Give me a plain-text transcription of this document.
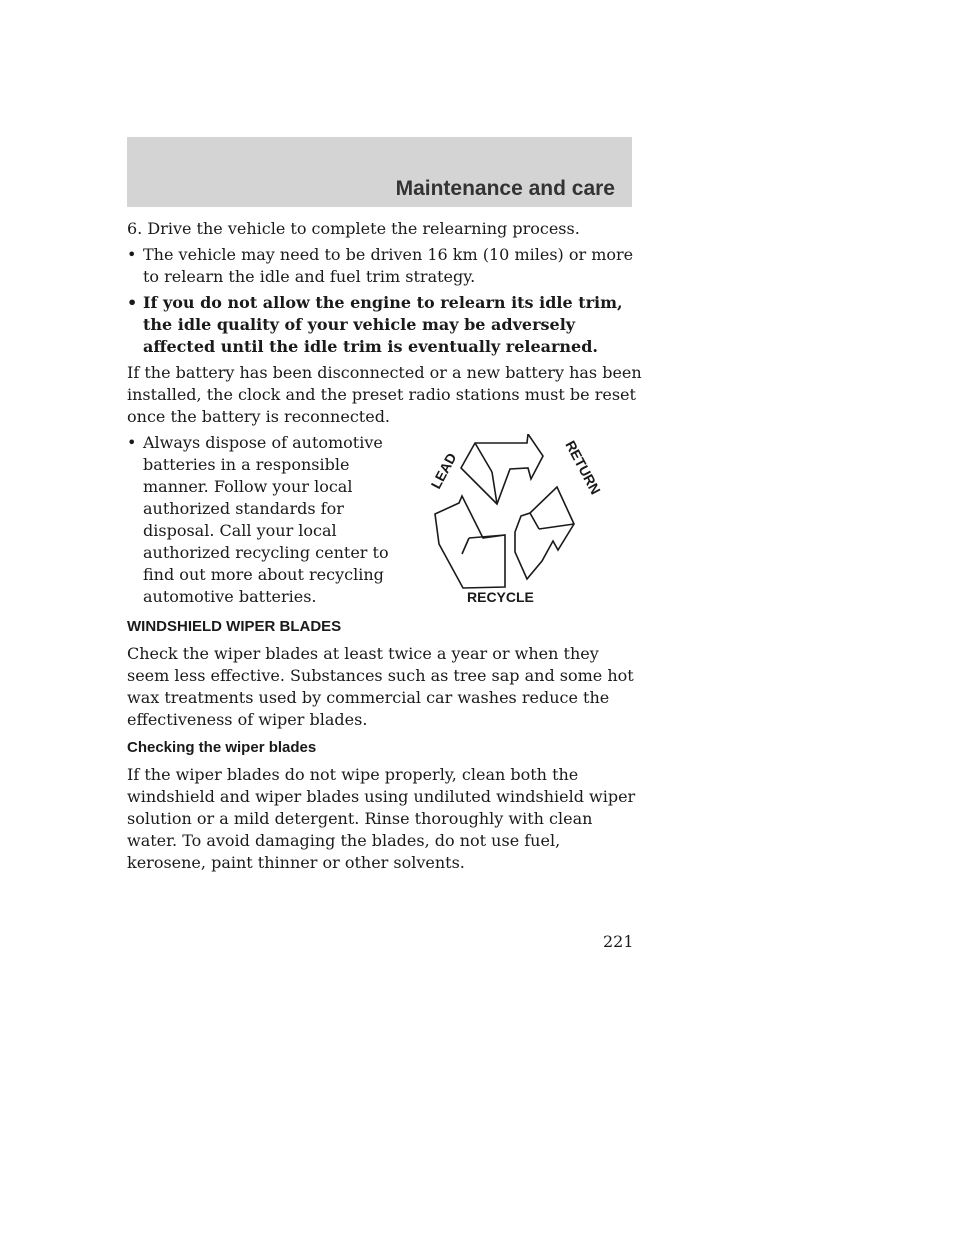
Maintenance and care

6. Drive the vehicle to complete the relearning process.

• The vehicle may need to be driven 16 km (10 miles) or more to relearn the idle and fuel trim strategy.
• If you do not allow the engine to relearn its idle trim, the idle quality of your vehicle may be adversely affected until the idle trim is eventually relearned.

If the battery has been disconnected or a new battery has been installed, the clock and the preset radio stations must be reset once the battery is reconnected.

• Always dispose of automotive batteries in a responsible manner. Follow your local authorized standards for disposal. Call your local authorized recycling center to find out more about recycling automotive batteries.
LEAD	RETURN
RECYCLE
WINDSHIELD WIPER BLADES

Check the wiper blades at least twice a year or when they seem less effective. Substances such as tree sap and some hot wax treatments used by commercial car washes reduce the effectiveness of wiper blades.

Checking the wiper blades

If the wiper blades do not wipe properly, clean both the windshield and wiper blades using undiluted windshield wiper solution or a mild detergent. Rinse thoroughly with clean water. To avoid damaging the blades, do not use fuel, kerosene, paint thinner or other solvents.

221
